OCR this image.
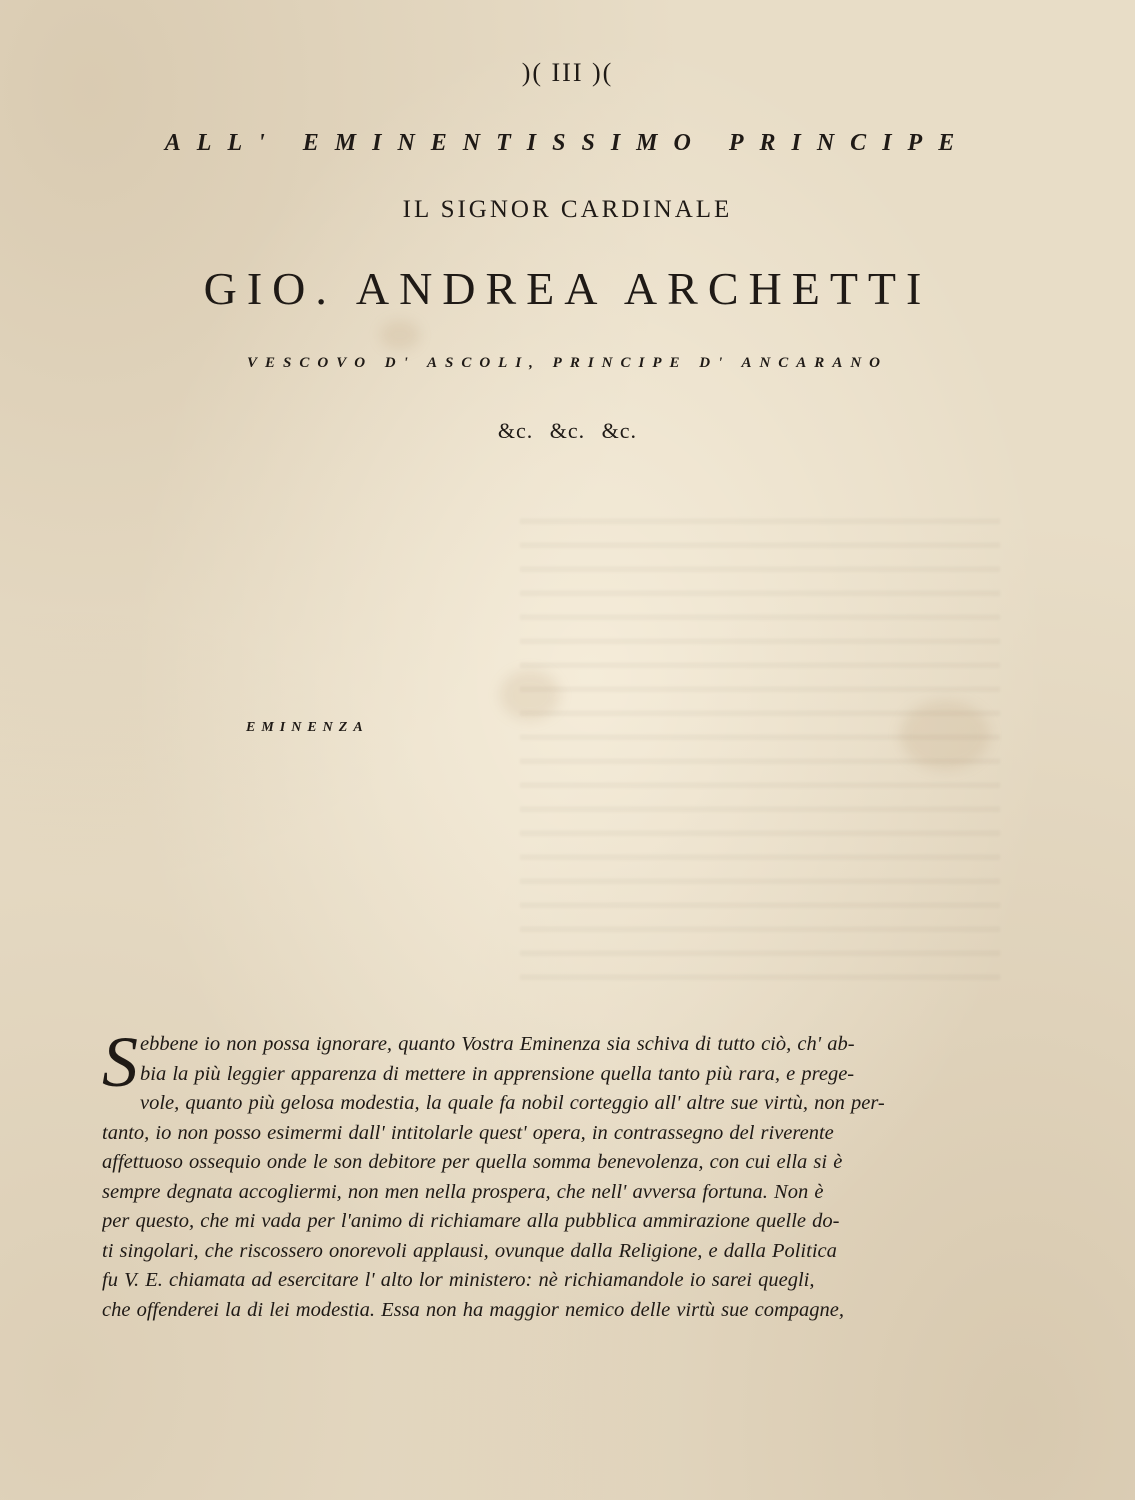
)( III )(
ALL' EMINENTISSIMO PRINCIPE
IL SIGNOR CARDINALE
GIO. ANDREA ARCHETTI
VESCOVO D' ASCOLI, PRINCIPE D' ANCARANO
&c. &c. &c.
EMINENZA
S ebbene io non possa ignorare, quanto Vostra Eminenza sia schiva di tutto ciò, ch' ab-
bia la più leggier apparenza di mettere in apprensione quella tanto più rara, e prege-
vole, quanto più gelosa modestia, la quale fa nobil corteggio all' altre sue virtù, non per-
tanto, io non posso esimermi dall' intitolarle quest' opera, in contrassegno del riverente
affettuoso ossequio onde le son debitore per quella somma benevolenza, con cui ella si è
sempre degnata accogliermi, non men nella prospera, che nell' avversa fortuna. Non è
per questo, che mi vada per l'animo di richiamare alla pubblica ammirazione quelle do-
ti singolari, che riscossero onorevoli applausi, ovunque dalla Religione, e dalla Politica
fu V. E. chiamata ad esercitare l' alto lor ministero: nè richiamandole io sarei quegli,
che offenderei la di lei modestia. Essa non ha maggior nemico delle virtù sue compagne,
